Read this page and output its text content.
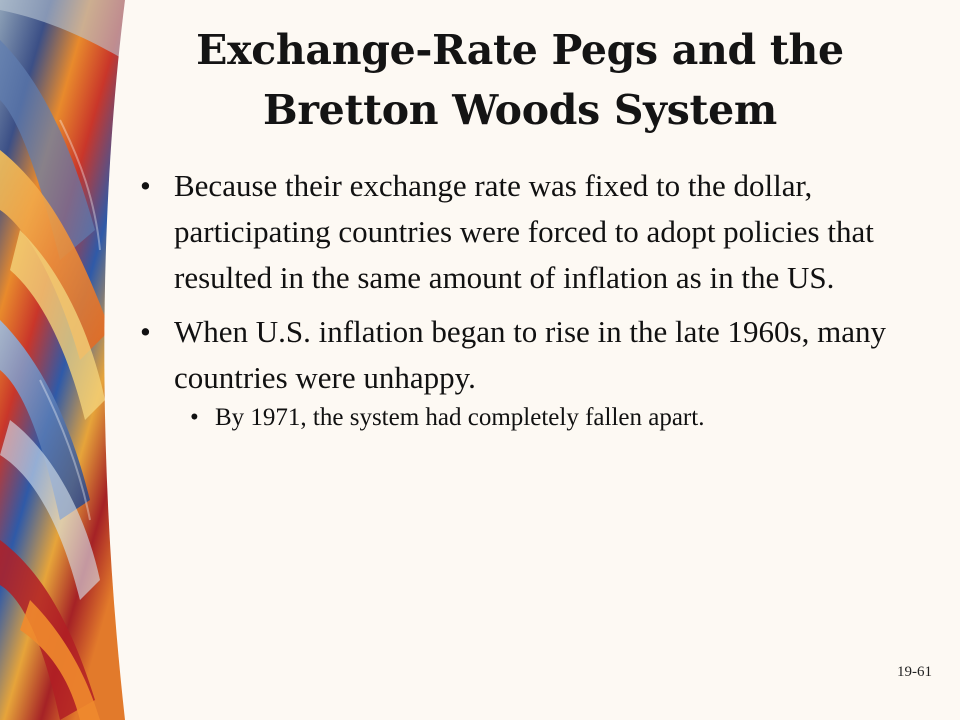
Exchange-Rate Pegs and the Bretton Woods System
• Because their exchange rate was fixed to the dollar, participating countries were forced to adopt policies that resulted in the same amount of inflation as in the US.
• When U.S. inflation began to rise in the late 1960s, many countries were unhappy.
• By 1971, the system had completely fallen apart.
19-61
